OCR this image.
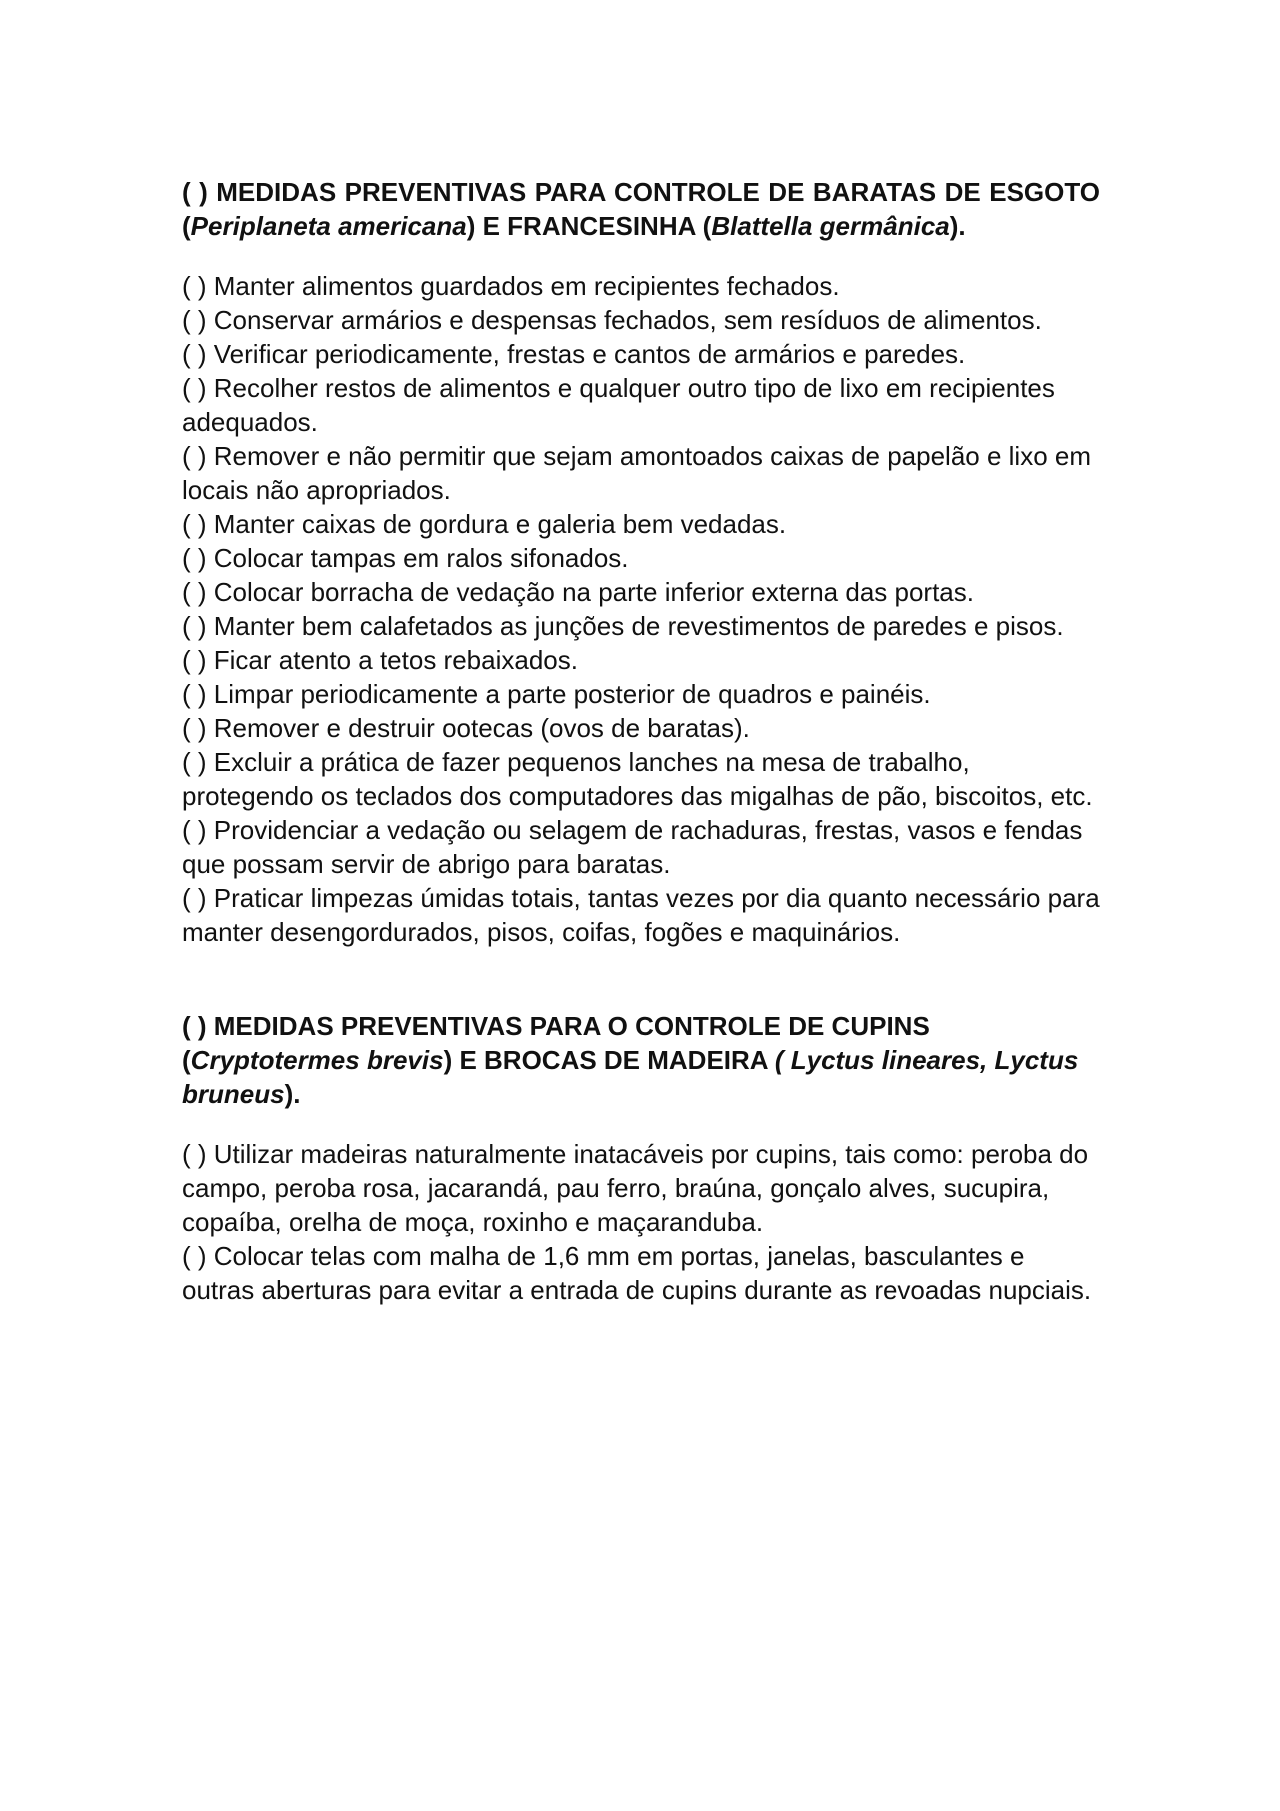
( ) MEDIDAS PREVENTIVAS PARA CONTROLE DE BARATAS DE ESGOTO (Periplaneta americana) E FRANCESINHA (Blattella germânica).

( ) Manter alimentos guardados em recipientes fechados.
( ) Conservar armários e despensas fechados, sem resíduos de alimentos.
( ) Verificar periodicamente, frestas e cantos de armários e paredes.
( ) Recolher restos de alimentos e qualquer outro tipo de lixo em recipientes adequados.
( ) Remover e não permitir que sejam amontoados caixas de papelão e lixo em locais não apropriados.
( ) Manter caixas de gordura e galeria bem vedadas.
( ) Colocar tampas em ralos sifonados.
( ) Colocar borracha de vedação na parte inferior externa das portas.
( ) Manter bem calafetados as junções de revestimentos de paredes e pisos.
( ) Ficar atento a tetos rebaixados.
( ) Limpar periodicamente a parte posterior de quadros e painéis.
( ) Remover e destruir ootecas (ovos de baratas).
( ) Excluir a prática de fazer pequenos lanches na mesa de trabalho, protegendo os teclados dos computadores das migalhas de pão, biscoitos, etc.
( ) Providenciar a vedação ou selagem de rachaduras, frestas, vasos e fendas que possam servir de abrigo para baratas.
( ) Praticar limpezas úmidas totais, tantas vezes por dia quanto necessário para manter desengordurados, pisos, coifas, fogões e maquinários.

( ) MEDIDAS PREVENTIVAS PARA O CONTROLE DE CUPINS (Cryptotermes brevis) E BROCAS DE MADEIRA ( Lyctus lineares, Lyctus bruneus).

( ) Utilizar madeiras naturalmente inatacáveis por cupins, tais como: peroba do campo, peroba rosa, jacarandá, pau ferro, braúna, gonçalo alves, sucupira, copaíba, orelha de moça, roxinho e maçaranduba.
( ) Colocar telas com malha de 1,6 mm em portas, janelas, basculantes e outras aberturas para evitar a entrada de cupins durante as revoadas nupciais.
